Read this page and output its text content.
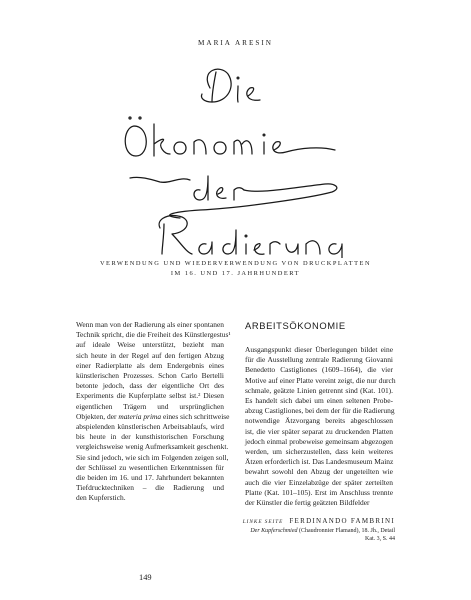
MARIA ARESIN
VERWENDUNG UND WIEDERVERWENDUNG VON DRUCKPLATTEN
IM 16. UND 17. JAHRHUNDERT
Wenn man von der Radierung als einer spontanen
Technik spricht, die die Freiheit des Künstlergestus¹
auf ideale Weise unterstützt, bezieht man
sich heute in der Regel auf den fertigen Abzug
einer Radierplatte als dem Endergebnis eines
künstlerischen Prozesses. Schon Carlo Bertelli
betonte jedoch, dass der eigentliche Ort des
Experiments die Kupferplatte selbst ist.² Diesen
eigentlichen Trägern und ursprünglichen
Objekten, der materia prima eines sich schrittweise
abspielenden künstlerischen Arbeitsablaufs, wird
bis heute in der kunsthistorischen Forschung
vergleichsweise wenig Aufmerksamkeit geschenkt.
Sie sind jedoch, wie sich im Folgenden zeigen soll,
der Schlüssel zu wesentlichen Erkenntnissen für
die beiden im 16. und 17. Jahrhundert bekannten
Tiefdrucktechniken – die Radierung und
den Kupferstich.
ARBEITSÖKONOMIE
Ausgangspunkt dieser Überlegungen bildet eine
für die Ausstellung zentrale Radierung Giovanni
Benedetto Castigliones (1609–1664), die vier
Motive auf einer Platte vereint zeigt, die nur durch
schmale, geätzte Linien getrennt sind (Kat. 101).
Es handelt sich dabei um einen seltenen Probe-
abzug Castigliones, bei dem der für die Radierung
notwendige Ätzvorgang bereits abgeschlossen
ist, die vier später separat zu druckenden Platten
jedoch einmal probeweise gemeinsam abgezogen
werden, um sicherzustellen, dass kein weiteres
Ätzen erforderlich ist. Das Landesmuseum Mainz
bewahrt sowohl den Abzug der ungeteilten wie
auch die vier Einzelabzüge der später zerteilten
Platte (Kat. 101–105). Erst im Anschluss trennte
der Künstler die fertig geätzten Bildfelder
LINKE SEITE FERDINANDO FAMBRINI
Der Kupferschmied (Chaudronnier Flamand), 18. Jh., Detail
Kat. 3, S. 44
149
